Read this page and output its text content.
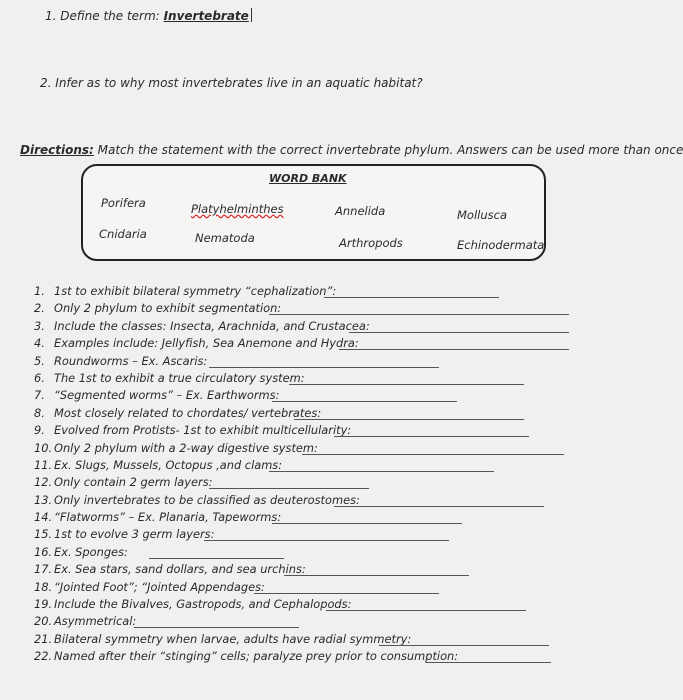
1. Define the term: Invertebrate
2. Infer as to why most invertebrates live in an aquatic habitat?
Directions: Match the statement with the correct invertebrate phylum. Answers can be used more than once
WORD BANK
Porifera	Platyhelminthes	Annelida	Mollusca
Cnidaria	Nematoda	Arthropods	Echinodermata
1. 1st to exhibit bilateral symmetry “cephalization”:
2. Only 2 phylum to exhibit segmentation:
3. Include the classes: Insecta, Arachnida, and Crustacea:
4. Examples include: Jellyfish, Sea Anemone and Hydra:
5. Roundworms – Ex. Ascaris:
6. The 1st to exhibit a true circulatory system:
7. “Segmented worms” – Ex. Earthworms:
8. Most closely related to chordates/ vertebrates:
9. Evolved from Protists- 1st to exhibit multicellularity:
10. Only 2 phylum with a 2-way digestive system:
11. Ex. Slugs, Mussels, Octopus ,and clams:
12. Only contain 2 germ layers:
13. Only invertebrates to be classified as deuterostomes:
14. “Flatworms” – Ex. Planaria, Tapeworms:
15. 1st to evolve 3 germ layers:
16. Ex. Sponges:
17. Ex. Sea stars, sand dollars, and sea urchins:
18. “Jointed Foot”; “Jointed Appendages:
19. Include the Bivalves, Gastropods, and Cephalopods:
20. Asymmetrical:
21. Bilateral symmetry when larvae, adults have radial symmetry:
22. Named after their “stinging” cells; paralyze prey prior to consumption:
